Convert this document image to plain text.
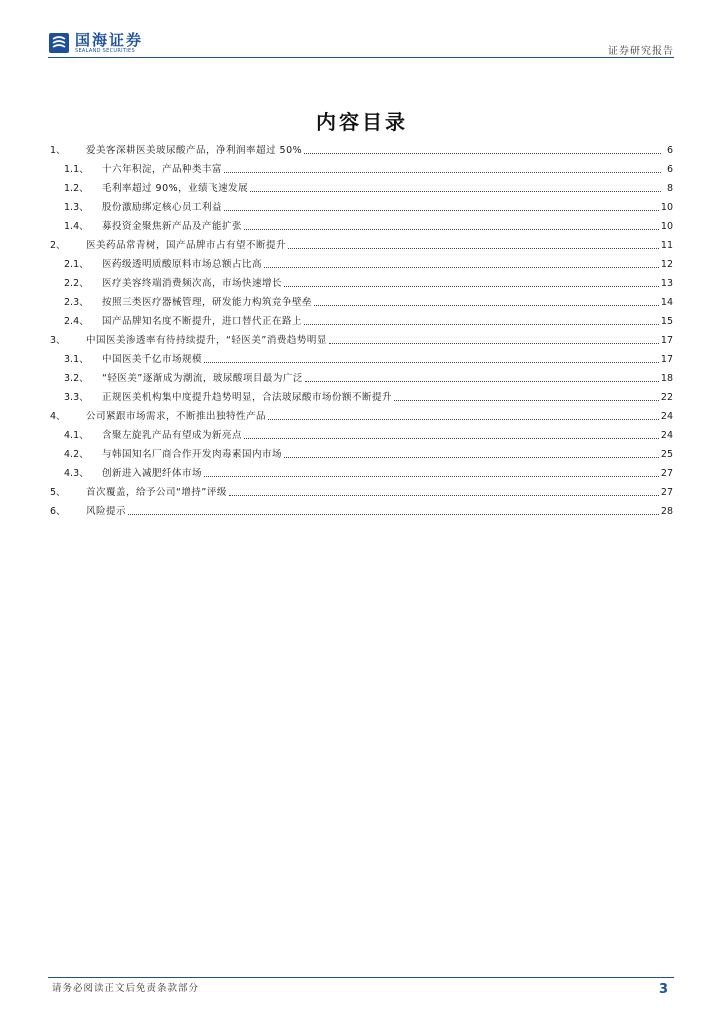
国海证券
SEALAND SECURITIES	证券研究报告
内容目录
1、	爱美客深耕医美玻尿酸产品，净利润率超过 50%	6
1.1、	十六年积淀，产品种类丰富	6
1.2、	毛利率超过 90%，业绩飞速发展	8
1.3、	股份激励绑定核心员工利益	10
1.4、	募投资金聚焦新产品及产能扩张	10
2、	医美药品常青树，国产品牌市占有望不断提升	11
2.1、	医药级透明质酸原料市场总额占比高	12
2.2、	医疗美容终端消费频次高，市场快速增长	13
2.3、	按照三类医疗器械管理，研发能力构筑竞争壁垒	14
2.4、	国产品牌知名度不断提升，进口替代正在路上	15
3、	中国医美渗透率有待持续提升，“轻医美”消费趋势明显	17
3.1、	中国医美千亿市场规模	17
3.2、	“轻医美”逐渐成为潮流，玻尿酸项目最为广泛	18
3.3、	正规医美机构集中度提升趋势明显，合法玻尿酸市场份额不断提升	22
4、	公司紧跟市场需求，不断推出独特性产品	24
4.1、	含聚左旋乳产品有望成为新亮点	24
4.2、	与韩国知名厂商合作开发肉毒素国内市场	25
4.3、	创新进入减肥纤体市场	27
5、	首次覆盖，给予公司“增持”评级	27
6、	风险提示	28
请务必阅读正文后免责条款部分	3
